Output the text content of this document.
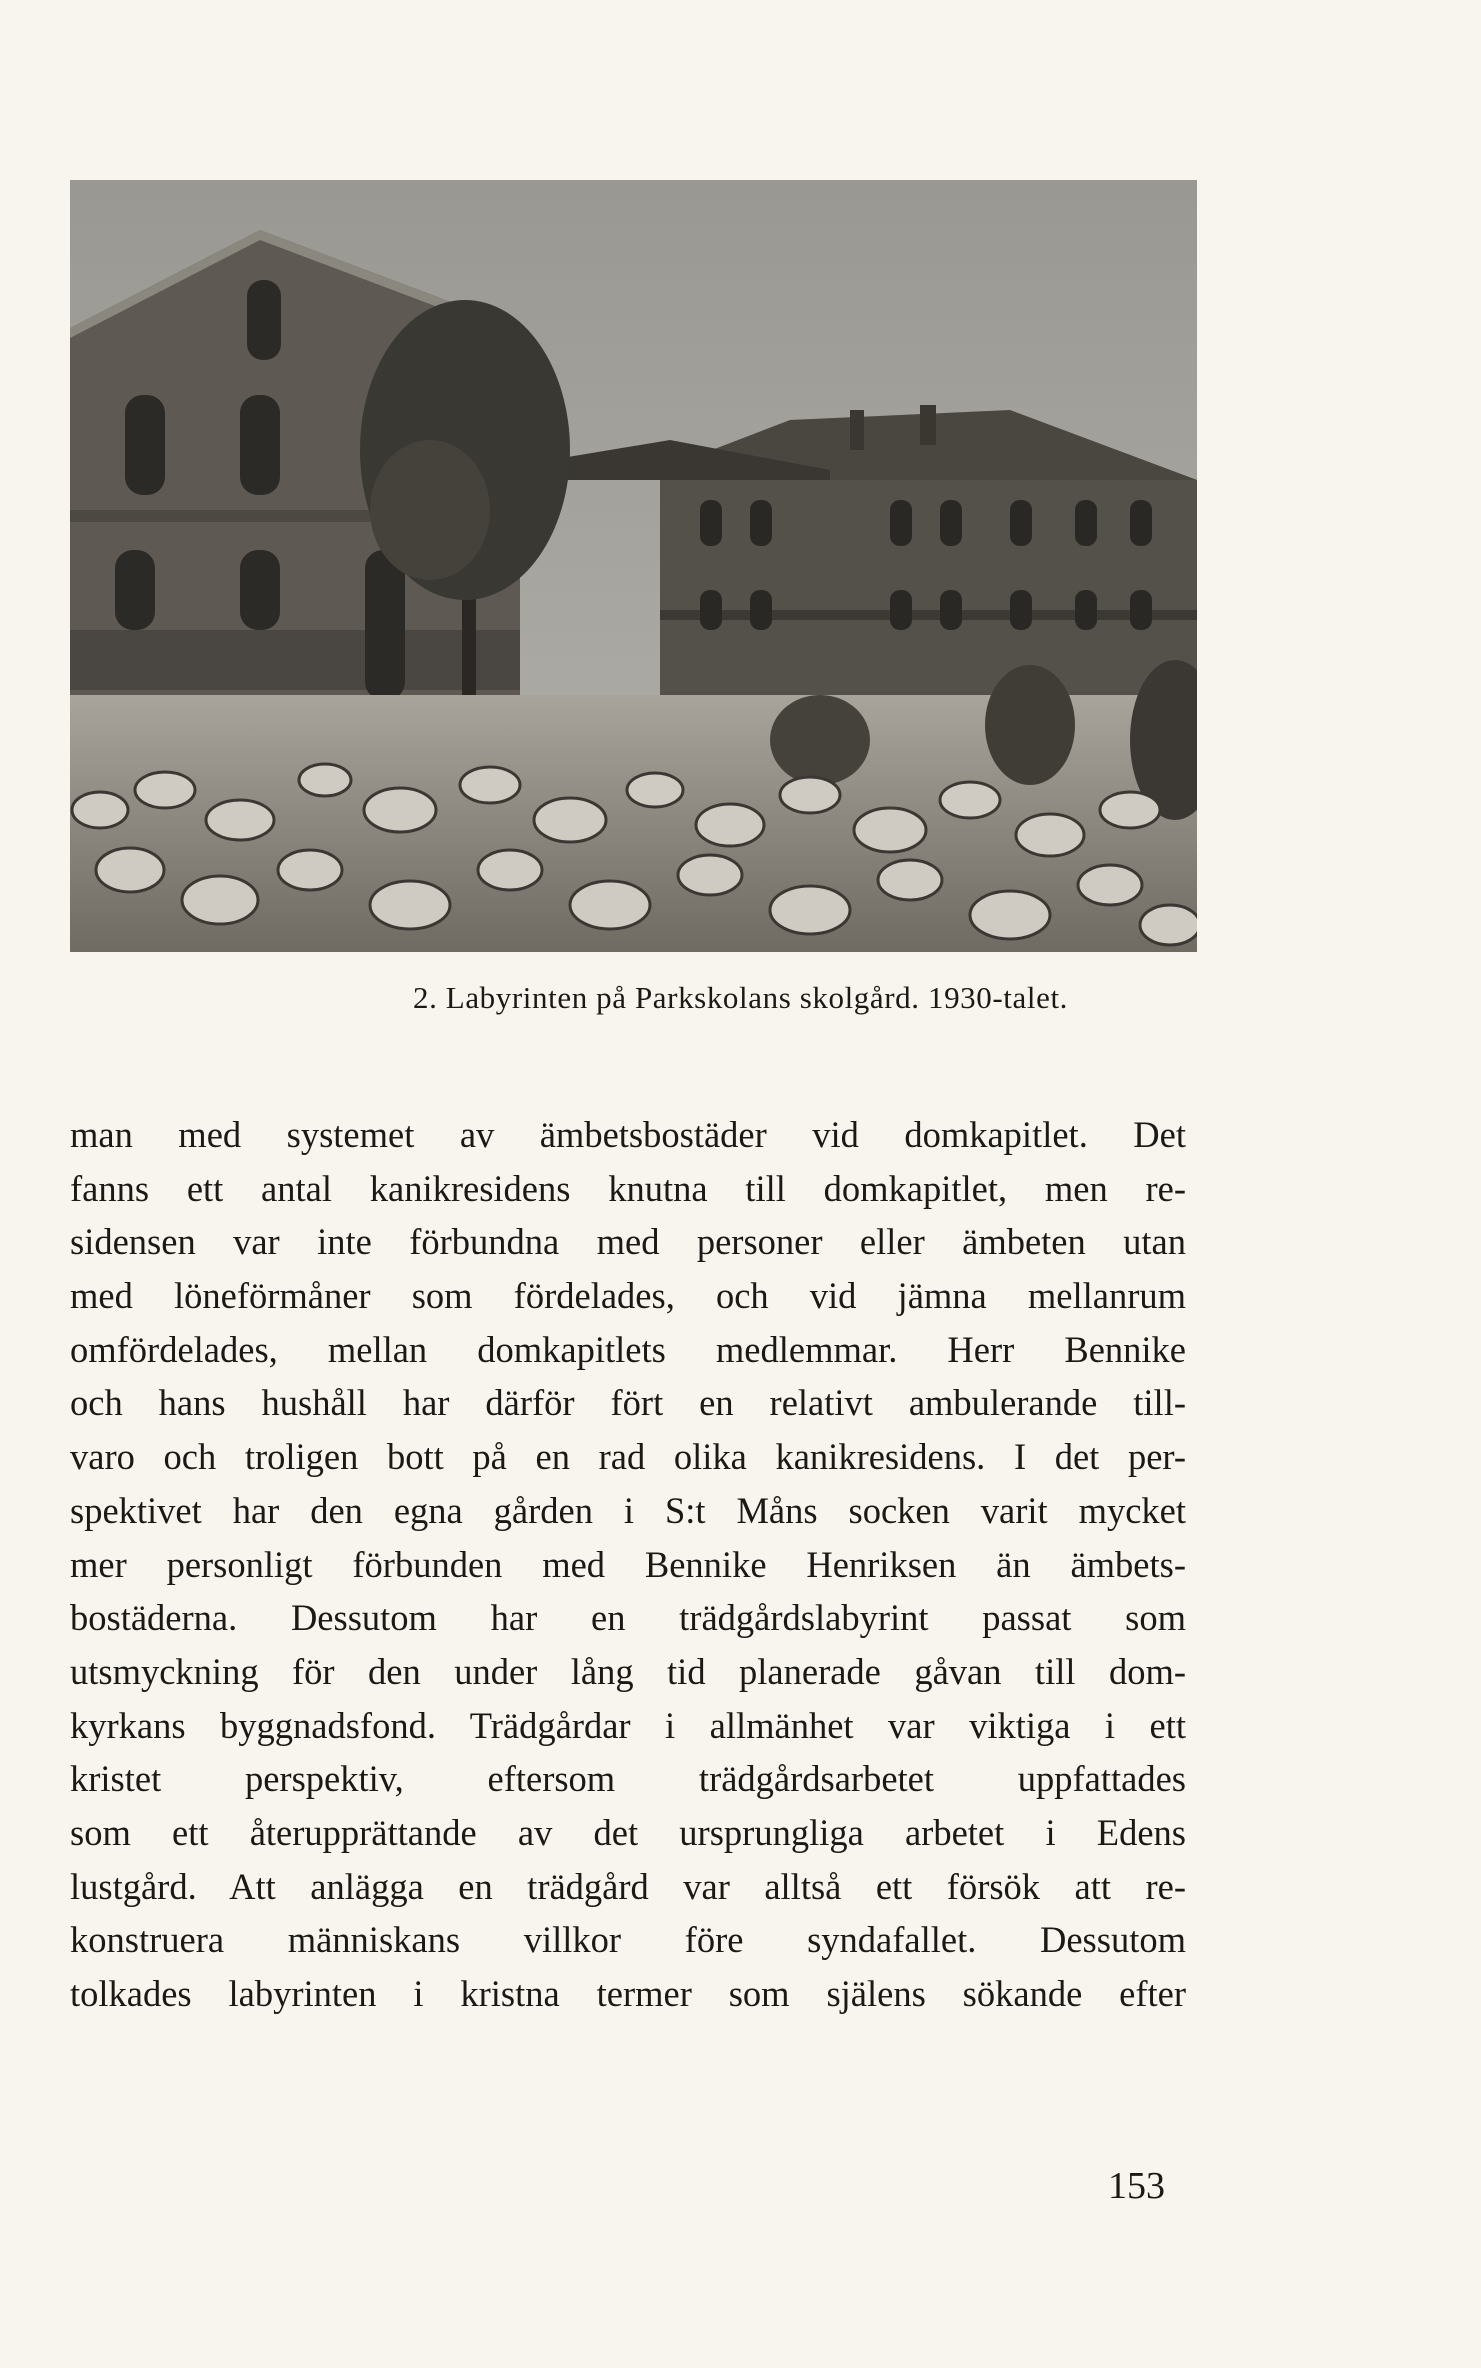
2. Labyrinten på Parkskolans skolgård. 1930-talet.
man med systemet av ämbetsbostäder vid domkapitlet. Det
fanns ett antal kanikresidens knutna till domkapitlet, men re-
sidensen var inte förbundna med personer eller ämbeten utan
med löneförmåner som fördelades, och vid jämna mellanrum
omfördelades, mellan domkapitlets medlemmar. Herr Bennike
och hans hushåll har därför fört en relativt ambulerande till-
varo och troligen bott på en rad olika kanikresidens. I det per-
spektivet har den egna gården i S:t Måns socken varit mycket
mer personligt förbunden med Bennike Henriksen än ämbets-
bostäderna. Dessutom har en trädgårdslabyrint passat som
utsmyckning för den under lång tid planerade gåvan till dom-
kyrkans byggnadsfond. Trädgårdar i allmänhet var viktiga i ett
kristet perspektiv, eftersom trädgårdsarbetet uppfattades
som ett återupprättande av det ursprungliga arbetet i Edens
lustgård. Att anlägga en trädgård var alltså ett försök att re-
konstruera människans villkor före syndafallet. Dessutom
tolkades labyrinten i kristna termer som själens sökande efter
153
